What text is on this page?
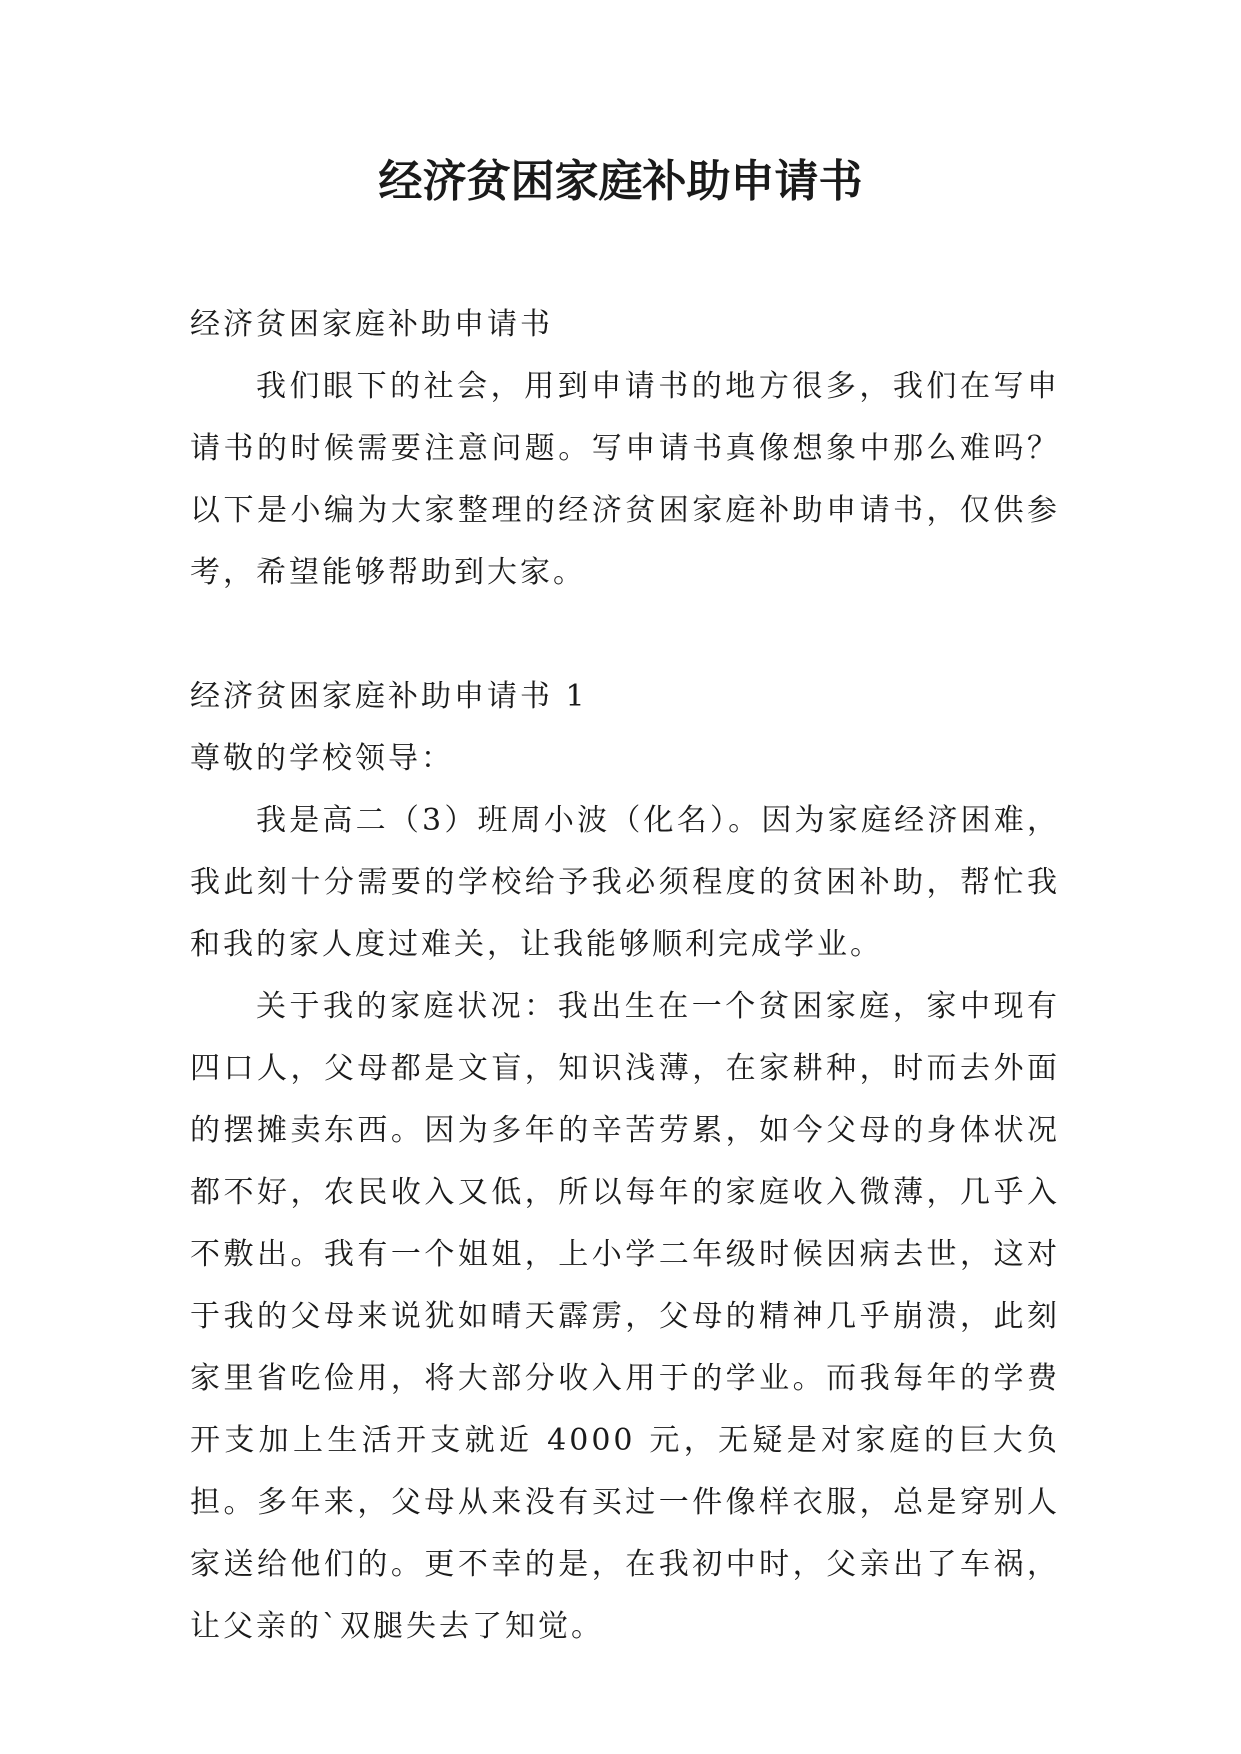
经济贫困家庭补助申请书

经济贫困家庭补助申请书

我们眼下的社会，用到申请书的地方很多，我们在写申请书的时候需要注意问题。写申请书真像想象中那么难吗？以下是小编为大家整理的经济贫困家庭补助申请书，仅供参考，希望能够帮助到大家。

经济贫困家庭补助申请书 1

尊敬的学校领导：

我是高二（3）班周小波（化名）。因为家庭经济困难，我此刻十分需要的学校给予我必须程度的贫困补助，帮忙我和我的家人度过难关，让我能够顺利完成学业。

关于我的家庭状况：我出生在一个贫困家庭，家中现有四口人，父母都是文盲，知识浅薄，在家耕种，时而去外面的摆摊卖东西。因为多年的辛苦劳累，如今父母的身体状况都不好，农民收入又低，所以每年的家庭收入微薄，几乎入不敷出。我有一个姐姐，上小学二年级时候因病去世，这对于我的父母来说犹如晴天霹雳，父母的精神几乎崩溃，此刻家里省吃俭用，将大部分收入用于的学业。而我每年的学费开支加上生活开支就近 4000 元，无疑是对家庭的巨大负担。多年来，父母从来没有买过一件像样衣服，总是穿别人家送给他们的。更不幸的是，在我初中时，父亲出了车祸，让父亲的`双腿失去了知觉。
